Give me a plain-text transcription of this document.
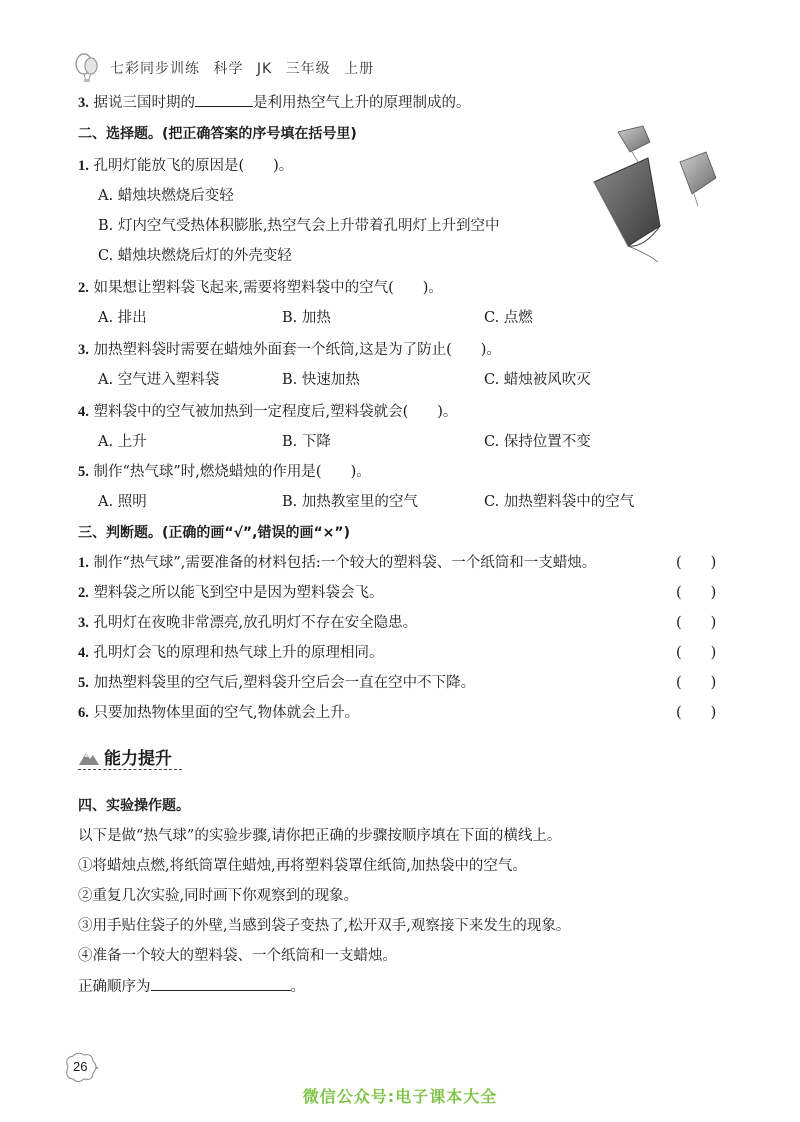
七彩同步训练 科学 JK 三年级 上册
3. 据说三国时期的	是利用热空气上升的原理制成的。
二、选择题。(把正确答案的序号填在括号里)
1. 孔明灯能放飞的原因是(　　)。
A. 蜡烛块燃烧后变轻
B. 灯内空气受热体积膨胀,热空气会上升带着孔明灯上升到空中
C. 蜡烛块燃烧后灯的外壳变轻
2. 如果想让塑料袋飞起来,需要将塑料袋中的空气(　　)。
A. 排出	B. 加热	C. 点燃
3. 加热塑料袋时需要在蜡烛外面套一个纸筒,这是为了防止(　　)。
A. 空气进入塑料袋	B. 快速加热	C. 蜡烛被风吹灭
4. 塑料袋中的空气被加热到一定程度后,塑料袋就会(　　)。
A. 上升	B. 下降	C. 保持位置不变
5. 制作“热气球”时,燃烧蜡烛的作用是(　　)。
A. 照明	B. 加热教室里的空气	C. 加热塑料袋中的空气
三、判断题。(正确的画“√”,错误的画“×”)
1. 制作“热气球”,需要准备的材料包括:一个较大的塑料袋、一个纸筒和一支蜡烛。	(　　)
2. 塑料袋之所以能飞到空中是因为塑料袋会飞。	(　　)
3. 孔明灯在夜晚非常漂亮,放孔明灯不存在安全隐患。	(　　)
4. 孔明灯会飞的原理和热气球上升的原理相同。	(　　)
5. 加热塑料袋里的空气后,塑料袋升空后会一直在空中不下降。	(　　)
6. 只要加热物体里面的空气,物体就会上升。	(　　)
能力提升
四、实验操作题。
以下是做“热气球”的实验步骤,请你把正确的步骤按顺序填在下面的横线上。
①将蜡烛点燃,将纸筒罩住蜡烛,再将塑料袋罩住纸筒,加热袋中的空气。
②重复几次实验,同时画下你观察到的现象。
③用手贴住袋子的外壁,当感到袋子变热了,松开双手,观察接下来发生的现象。
④准备一个较大的塑料袋、一个纸筒和一支蜡烛。
正确顺序为	。
26
微信公众号:电子课本大全
